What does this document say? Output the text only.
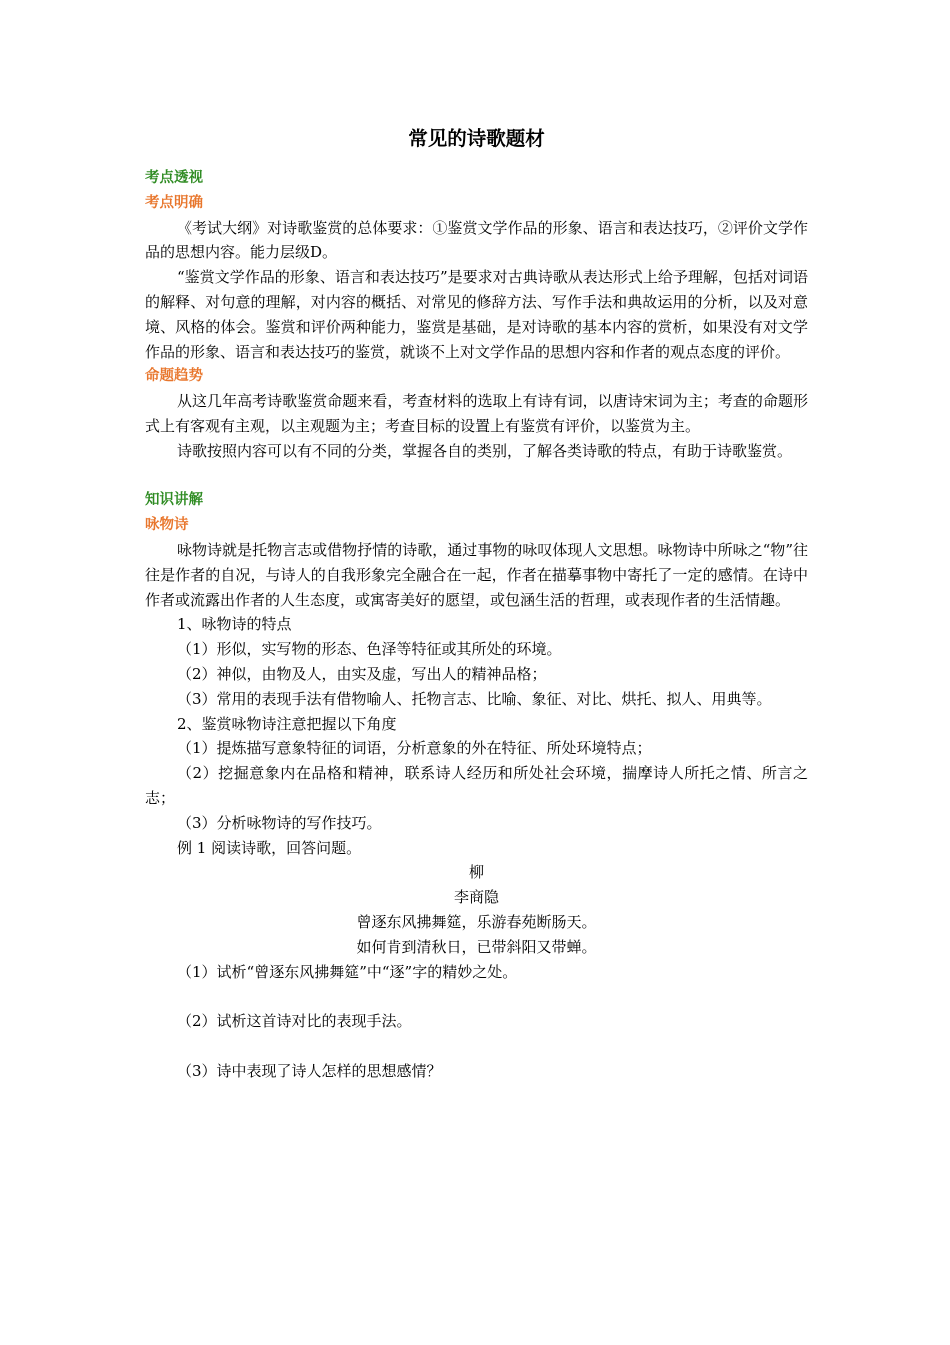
常见的诗歌题材
考点透视
考点明确

《考试大纲》对诗歌鉴赏的总体要求：①鉴赏文学作品的形象、语言和表达技巧，②评价文学作品的思想内容。能力层级D。

“鉴赏文学作品的形象、语言和表达技巧”是要求对古典诗歌从表达形式上给予理解，包括对词语的解释、对句意的理解，对内容的概括、对常见的修辞方法、写作手法和典故运用的分析，以及对意境、风格的体会。鉴赏和评价两种能力，鉴赏是基础，是对诗歌的基本内容的赏析，如果没有对文学作品的形象、语言和表达技巧的鉴赏，就谈不上对文学作品的思想内容和作者的观点态度的评价。

命题趋势

从这几年高考诗歌鉴赏命题来看，考查材料的选取上有诗有词，以唐诗宋词为主；考查的命题形式上有客观有主观，以主观题为主；考查目标的设置上有鉴赏有评价，以鉴赏为主。

诗歌按照内容可以有不同的分类，掌握各自的类别，了解各类诗歌的特点，有助于诗歌鉴赏。

知识讲解
咏物诗

咏物诗就是托物言志或借物抒情的诗歌，通过事物的咏叹体现人文思想。咏物诗中所咏之“物”往往是作者的自况，与诗人的自我形象完全融合在一起，作者在描摹事物中寄托了一定的感情。在诗中作者或流露出作者的人生态度，或寓寄美好的愿望，或包涵生活的哲理，或表现作者的生活情趣。

1、咏物诗的特点

（1）形似，实写物的形态、色泽等特征或其所处的环境。

（2）神似，由物及人，由实及虚，写出人的精神品格；

（3）常用的表现手法有借物喻人、托物言志、比喻、象征、对比、烘托、拟人、用典等。

2、鉴赏咏物诗注意把握以下角度

（1）提炼描写意象特征的词语，分析意象的外在特征、所处环境特点；

（2）挖掘意象内在品格和精神，联系诗人经历和所处社会环境，揣摩诗人所托之情、所言之志；

（3）分析咏物诗的写作技巧。

例 1 阅读诗歌，回答问题。

柳

李商隐

曾逐东风拂舞筵，乐游春苑断肠天。

如何肯到清秋日，已带斜阳又带蝉。

（1）试析“曾逐东风拂舞筵”中“逐”字的精妙之处。

（2）试析这首诗对比的表现手法。

（3）诗中表现了诗人怎样的思想感情？
